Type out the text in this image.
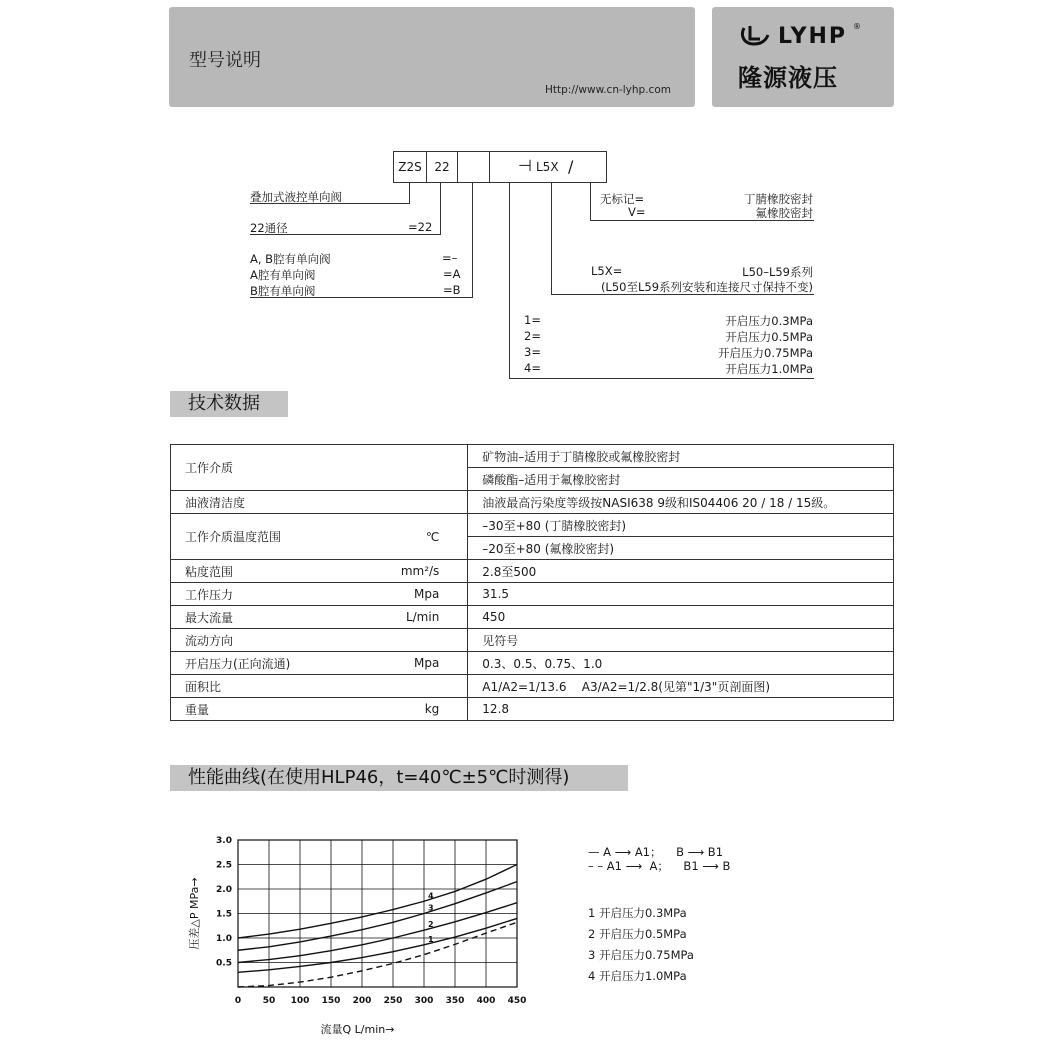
型号说明
Http://www.cn-lyhp.com
LYHP ®
隆源液压
Z2S	22	⊣ L5X /
叠加式液控单向阀
22通径	=22
A, B腔有单向阀	=–
A腔有单向阀	=A
B腔有单向阀	=B
无标记=	丁腈橡胶密封
V=	氟橡胶密封
L5X=	L50–L59系列
(L50至L59系列安装和连接尺寸保持不变)
1=	开启压力0.3MPa
2=	开启压力0.5MPa
3=	开启压力0.75MPa
4=	开启压力1.0MPa
技术数据
工作介质	矿物油–适用于丁腈橡胶或氟橡胶密封
	磷酸酯–适用于氟橡胶密封
油液清洁度	油液最高污染度等级按NASI638 9级和IS04406 20 / 18 / 15级。
工作介质温度范围 ℃	–30至+80 (丁腈橡胶密封)
	–20至+80 (氟橡胶密封)
粘度范围 mm²/s	2.8至500
工作压力 Mpa	31.5
最大流量 L/min	450
流动方向	见符号
开启压力(正向流通) Mpa	0.3、0.5、0.75、1.0
面积比	A1/A2=1/13.6    A3/A2=1/2.8(见第"1/3"页剖面图)
重量 kg	12.8
性能曲线(在使用HLP46，t=40℃±5℃时测得)
0 50 100 150 200 250 300 350 400 450
0.5
1.0
1.5
2.0
2.5
3.0
4
3
2
1
流量Q L/min→
压差△P MPa→
— A ⟶ A1；    B ⟶ B1
– – A1 ⟶  A；    B1 ⟶ B
1 开启压力0.3MPa
2 开启压力0.5MPa
3 开启压力0.75MPa
4 开启压力1.0MPa
